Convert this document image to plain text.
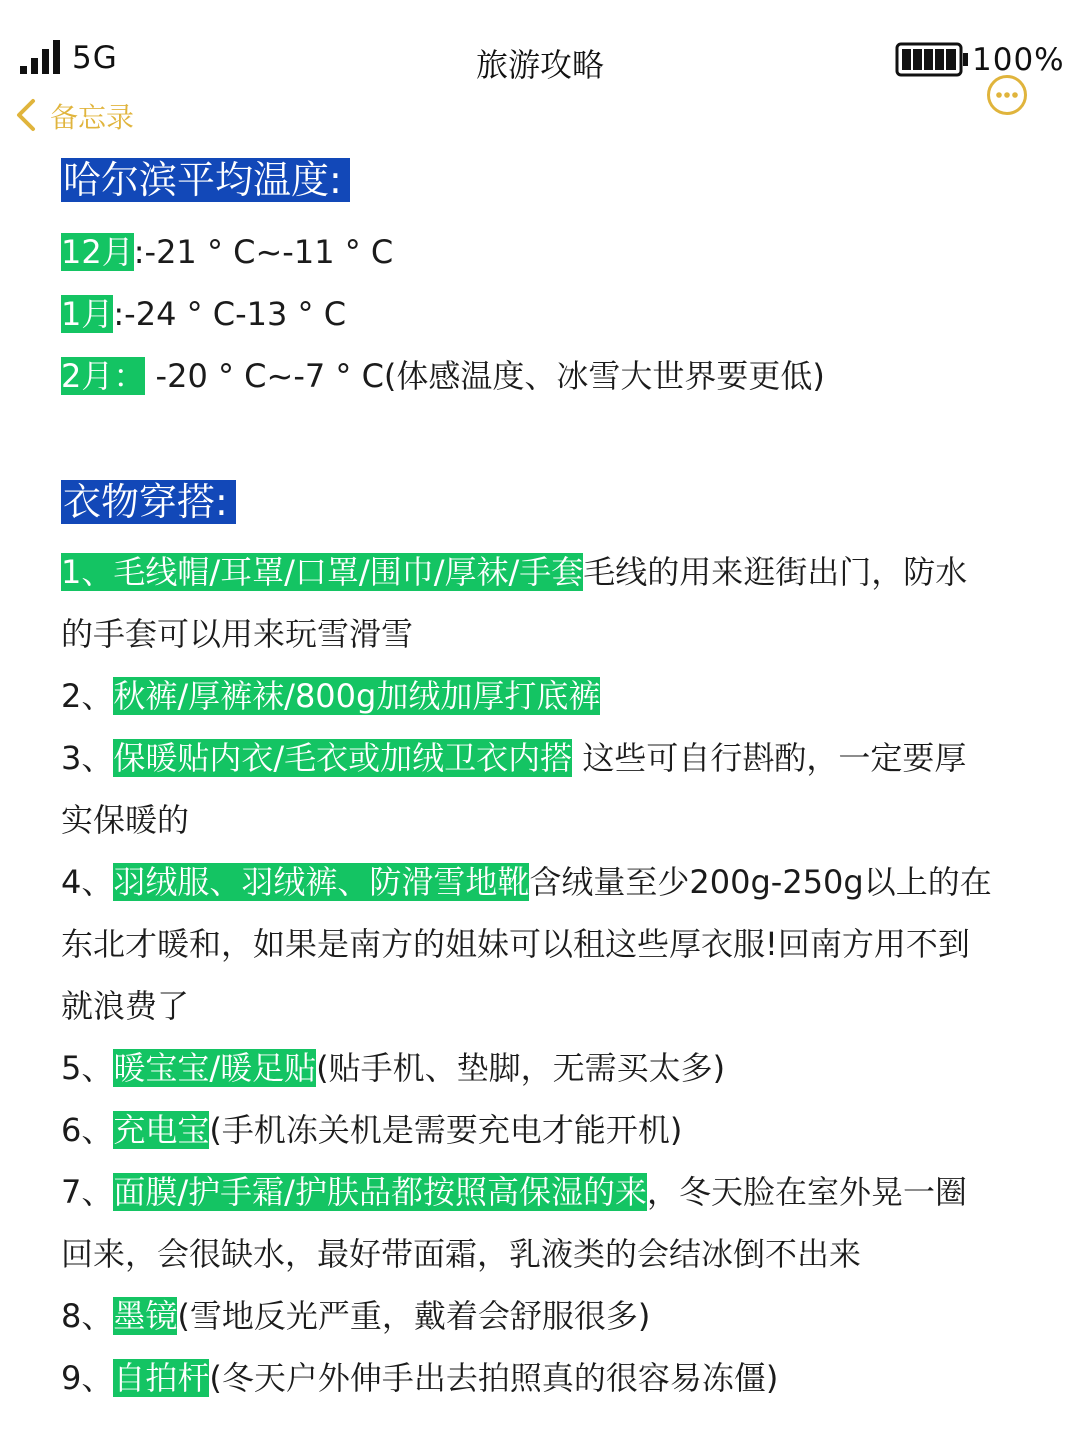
5G	旅游攻略	100%
备忘录
哈尔滨平均温度:
12月:-21 ° C~-11 ° C
1月:-24 ° C-13 ° C
2月： -20 ° C~-7 ° C(体感温度、冰雪大世界要更低)
衣物穿搭:
1、毛线帽/耳罩/口罩/围巾/厚袜/手套毛线的用来逛街出门，防水
的手套可以用来玩雪滑雪
2、秋裤/厚裤袜/800g加绒加厚打底裤
3、保暖贴内衣/毛衣或加绒卫衣内搭 这些可自行斟酌，一定要厚
实保暖的
4、羽绒服、羽绒裤、防滑雪地靴含绒量至少200g-250g以上的在
东北才暖和，如果是南方的姐妹可以租这些厚衣服!回南方用不到
就浪费了
5、暖宝宝/暖足贴(贴手机、垫脚，无需买太多)
6、充电宝(手机冻关机是需要充电才能开机)
7、面膜/护手霜/护肤品都按照高保湿的来，冬天脸在室外晃一圈
回来，会很缺水，最好带面霜，乳液类的会结冰倒不出来
8、墨镜(雪地反光严重，戴着会舒服很多)
9、自拍杆(冬天户外伸手出去拍照真的很容易冻僵)
